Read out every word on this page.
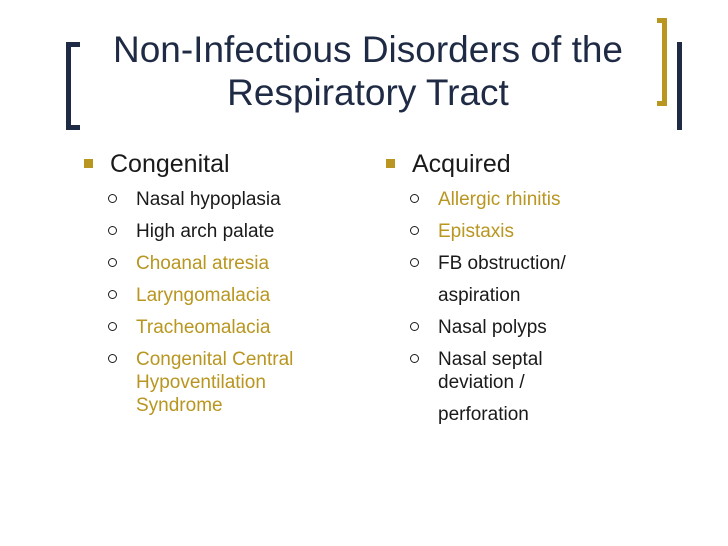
Non-Infectious Disorders of the Respiratory Tract
Congenital
Nasal hypoplasia
High arch palate
Choanal atresia
Laryngomalacia
Tracheomalacia
Congenital Central
Hypoventilation
Syndrome
Acquired
Allergic rhinitis
Epistaxis
FB obstruction/
aspiration
Nasal polyps
Nasal septal
deviation /
perforation
